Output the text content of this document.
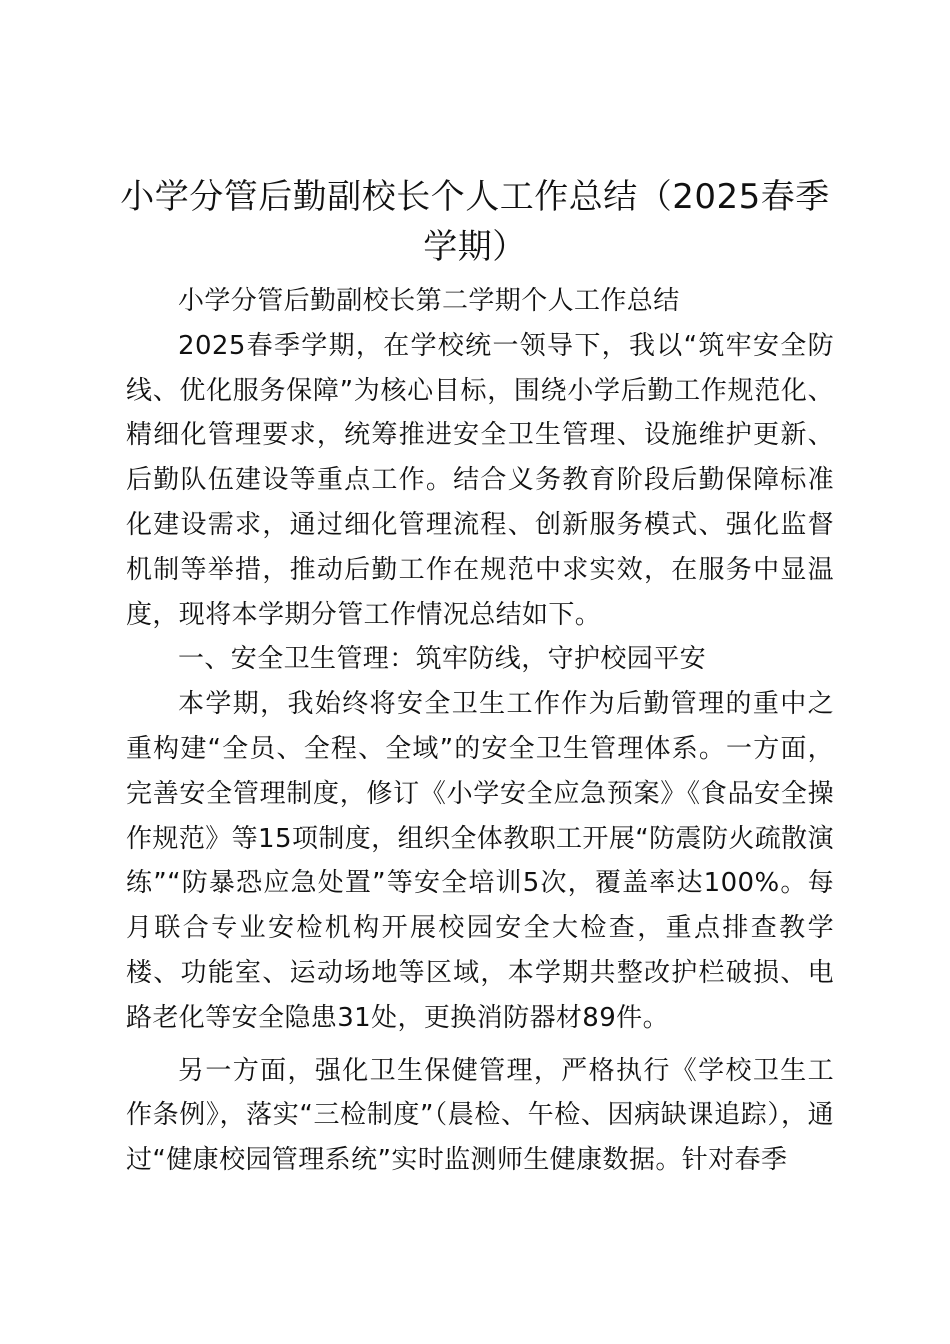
小学分管后勤副校长个人工作总结（2025春季学期）

小学分管后勤副校长第二学期个人工作总结

2025春季学期，在学校统一领导下，我以“筑牢安全防线、优化服务保障”为核心目标，围绕小学后勤工作规范化、精细化管理要求，统筹推进安全卫生管理、设施维护更新、后勤队伍建设等重点工作。结合义务教育阶段后勤保障标准化建设需求，通过细化管理流程、创新服务模式、强化监督机制等举措，推动后勤工作在规范中求实效，在服务中显温度，现将本学期分管工作情况总结如下。

一、安全卫生管理：筑牢防线，守护校园平安

本学期，我始终将安全卫生工作作为后勤管理的重中之重构建“全员、全程、全域”的安全卫生管理体系。一方面，完善安全管理制度，修订《小学安全应急预案》《食品安全操作规范》等15项制度，组织全体教职工开展“防震防火疏散演练”“防暴恐应急处置”等安全培训5次，覆盖率达100%。每月联合专业安检机构开展校园安全大检查，重点排查教学楼、功能室、运动场地等区域，本学期共整改护栏破损、电路老化等安全隐患31处，更换消防器材89件。

另一方面，强化卫生保健管理，严格执行《学校卫生工作条例》，落实“三检制度”（晨检、午检、因病缺课追踪），通过“健康校园管理系统”实时监测师生健康数据。针对春季
